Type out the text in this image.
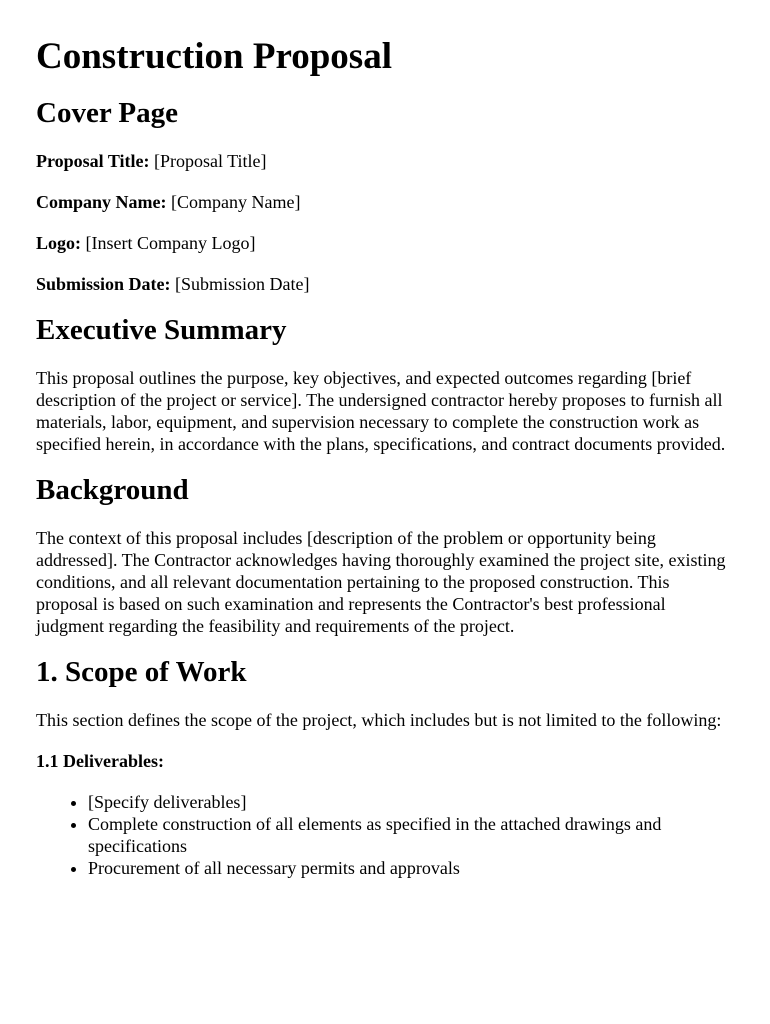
Construction Proposal
Cover Page

Proposal Title: [Proposal Title]

Company Name: [Company Name]

Logo: [Insert Company Logo]

Submission Date: [Submission Date]

Executive Summary

This proposal outlines the purpose, key objectives, and expected outcomes regarding [brief description of the project or service]. The undersigned contractor hereby proposes to furnish all materials, labor, equipment, and supervision necessary to complete the construction work as specified herein, in accordance with the plans, specifications, and contract documents provided.

Background

The context of this proposal includes [description of the problem or opportunity being addressed]. The Contractor acknowledges having thoroughly examined the project site, existing conditions, and all relevant documentation pertaining to the proposed construction. This proposal is based on such examination and represents the Contractor's best professional judgment regarding the feasibility and requirements of the project.

1. Scope of Work

This section defines the scope of the project, which includes but is not limited to the following:

1.1 Deliverables:

• [Specify deliverables]
• Complete construction of all elements as specified in the attached drawings and specifications
• Procurement of all necessary permits and approvals
